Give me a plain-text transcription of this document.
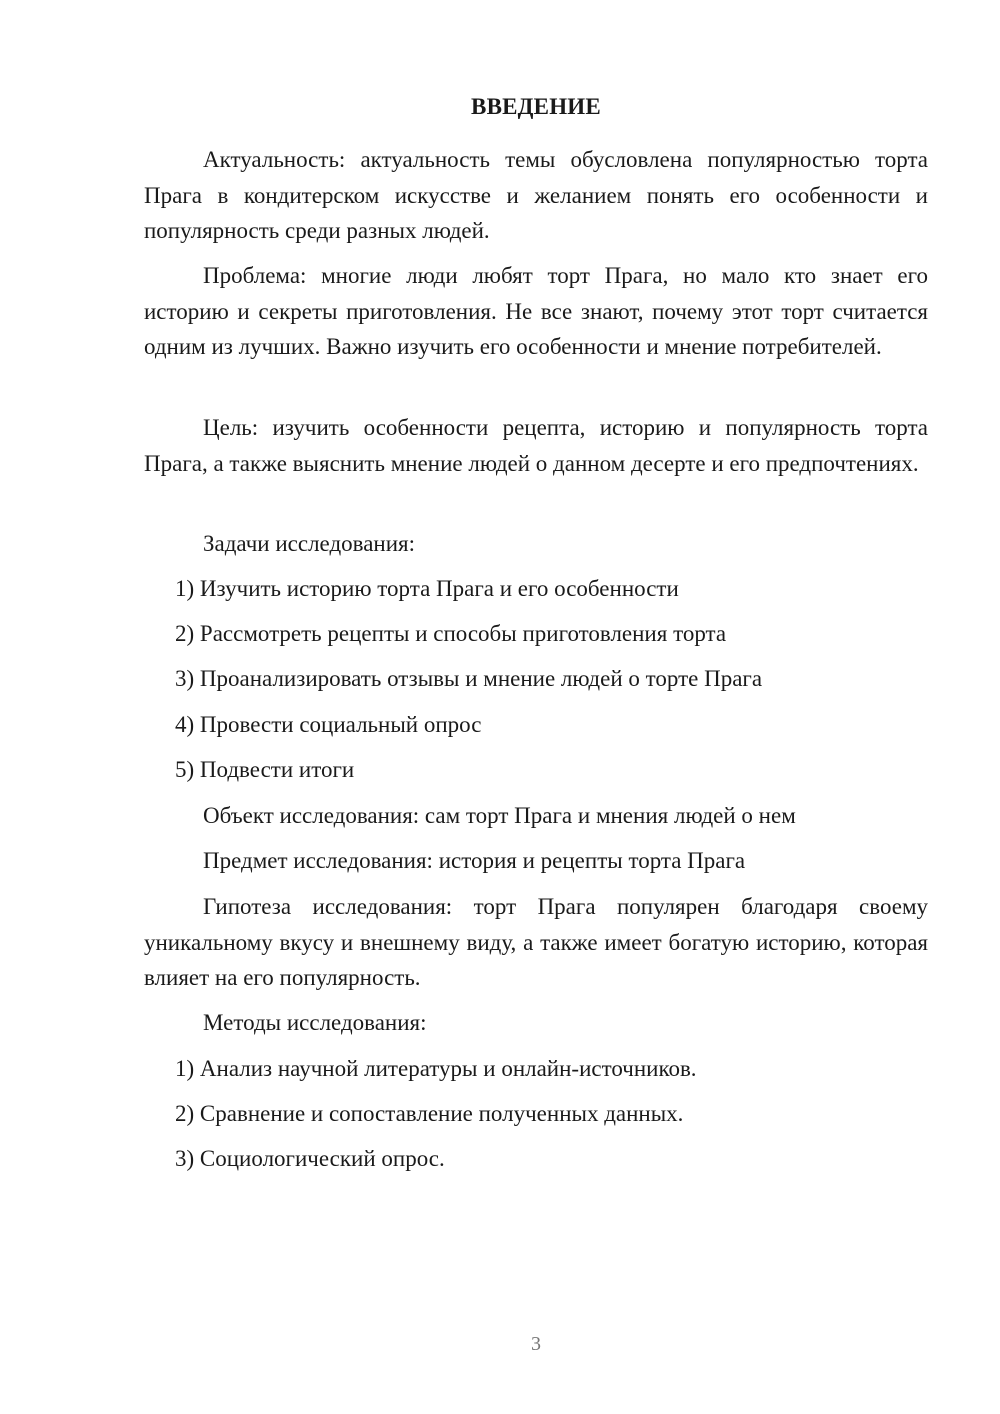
ВВЕДЕНИЕ

Актуальность: актуальность темы обусловлена популярностью торта Прага в кондитерском искусстве и желанием понять его особенности и популярность среди разных людей.

Проблема: многие люди любят торт Прага, но мало кто знает его историю и секреты приготовления. Не все знают, почему этот торт считается одним из лучших. Важно изучить его особенности и мнение потребителей.

Цель: изучить особенности рецепта, историю и популярность торта Прага, а также выяснить мнение людей о данном десерте и его предпочтениях.

Задачи исследования:

1) Изучить историю торта Прага и его особенности

2) Рассмотреть рецепты и способы приготовления торта

3) Проанализировать отзывы и мнение людей о торте Прага

4) Провести социальный опрос

5) Подвести итоги

Объект исследования: сам торт Прага и мнения людей о нем

Предмет исследования: история и рецепты торта Прага

Гипотеза исследования: торт Прага популярен благодаря своему уникальному вкусу и внешнему виду, а также имеет богатую историю, которая влияет на его популярность.

Методы исследования:

1) Анализ научной литературы и онлайн-источников.

2) Сравнение и сопоставление полученных данных.

3) Социологический опрос.

3
